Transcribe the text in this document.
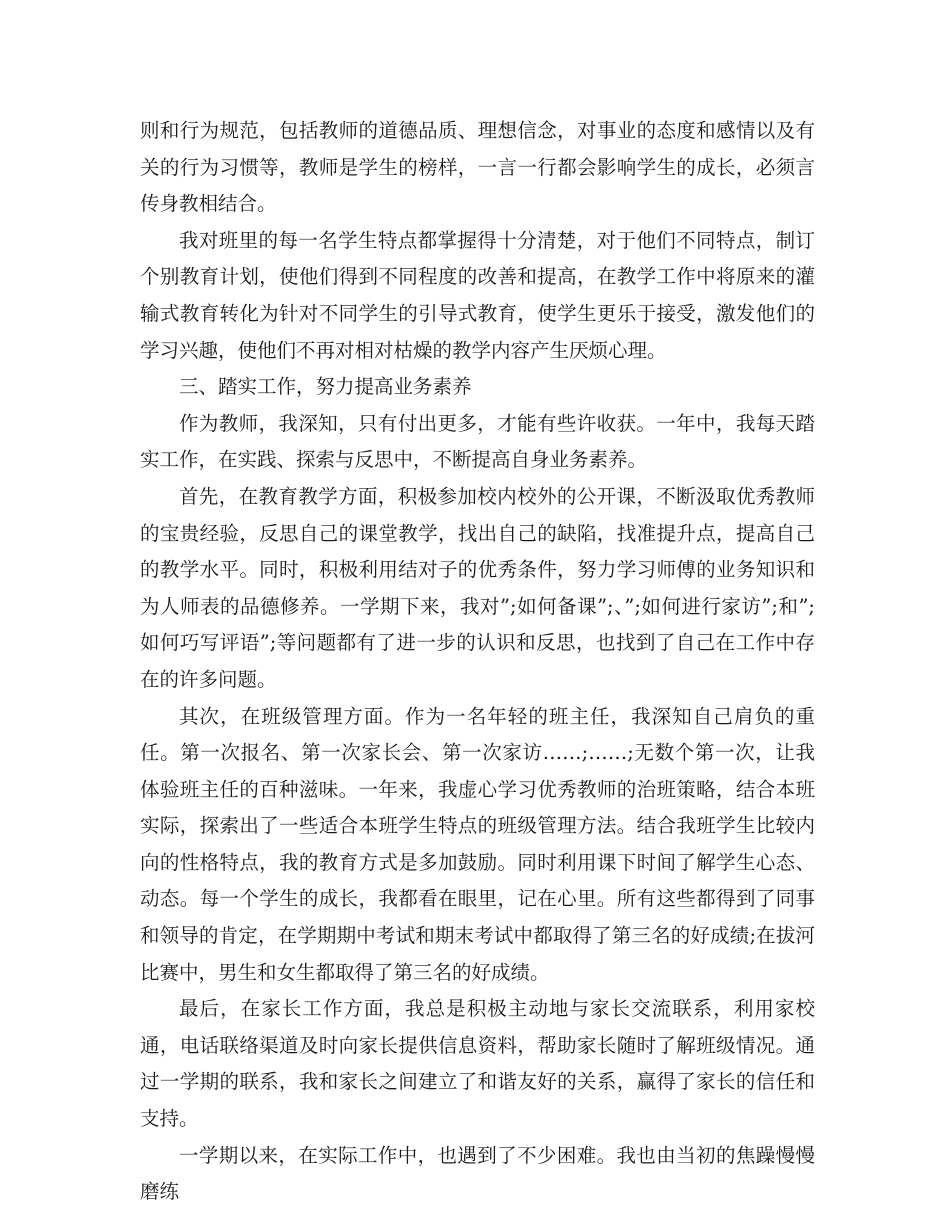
则和行为规范，包括教师的道德品质、理想信念，对事业的态度和感情以及有关的行为习惯等，教师是学生的榜样，一言一行都会影响学生的成长，必须言传身教相结合。

我对班里的每一名学生特点都掌握得十分清楚，对于他们不同特点，制订个别教育计划，使他们得到不同程度的改善和提高，在教学工作中将原来的灌输式教育转化为针对不同学生的引导式教育，使学生更乐于接受，激发他们的学习兴趣，使他们不再对相对枯燥的教学内容产生厌烦心理。

三、踏实工作，努力提高业务素养

作为教师，我深知，只有付出更多，才能有些许收获。一年中，我每天踏实工作，在实践、探索与反思中，不断提高自身业务素养。

首先，在教育教学方面，积极参加校内校外的公开课，不断汲取优秀教师的宝贵经验，反思自己的课堂教学，找出自己的缺陷，找准提升点，提高自己的教学水平。同时，积极利用结对子的优秀条件，努力学习师傅的业务知识和为人师表的品德修养。一学期下来，我对”;如何备课”;、”;如何进行家访”;和”;如何巧写评语”;等问题都有了进一步的认识和反思，也找到了自己在工作中存在的许多问题。

其次，在班级管理方面。作为一名年轻的班主任，我深知自己肩负的重任。第一次报名、第一次家长会、第一次家访……;……;无数个第一次，让我体验班主任的百种滋味。一年来，我虚心学习优秀教师的治班策略，结合本班实际，探索出了一些适合本班学生特点的班级管理方法。结合我班学生比较内向的性格特点，我的教育方式是多加鼓励。同时利用课下时间了解学生心态、动态。每一个学生的成长，我都看在眼里，记在心里。所有这些都得到了同事和领导的肯定，在学期期中考试和期末考试中都取得了第三名的好成绩;在拔河比赛中，男生和女生都取得了第三名的好成绩。

最后，在家长工作方面，我总是积极主动地与家长交流联系，利用家校通，电话联络渠道及时向家长提供信息资料，帮助家长随时了解班级情况。通过一学期的联系，我和家长之间建立了和谐友好的关系，赢得了家长的信任和支持。

一学期以来，在实际工作中，也遇到了不少困难。我也由当初的焦躁慢慢磨练
